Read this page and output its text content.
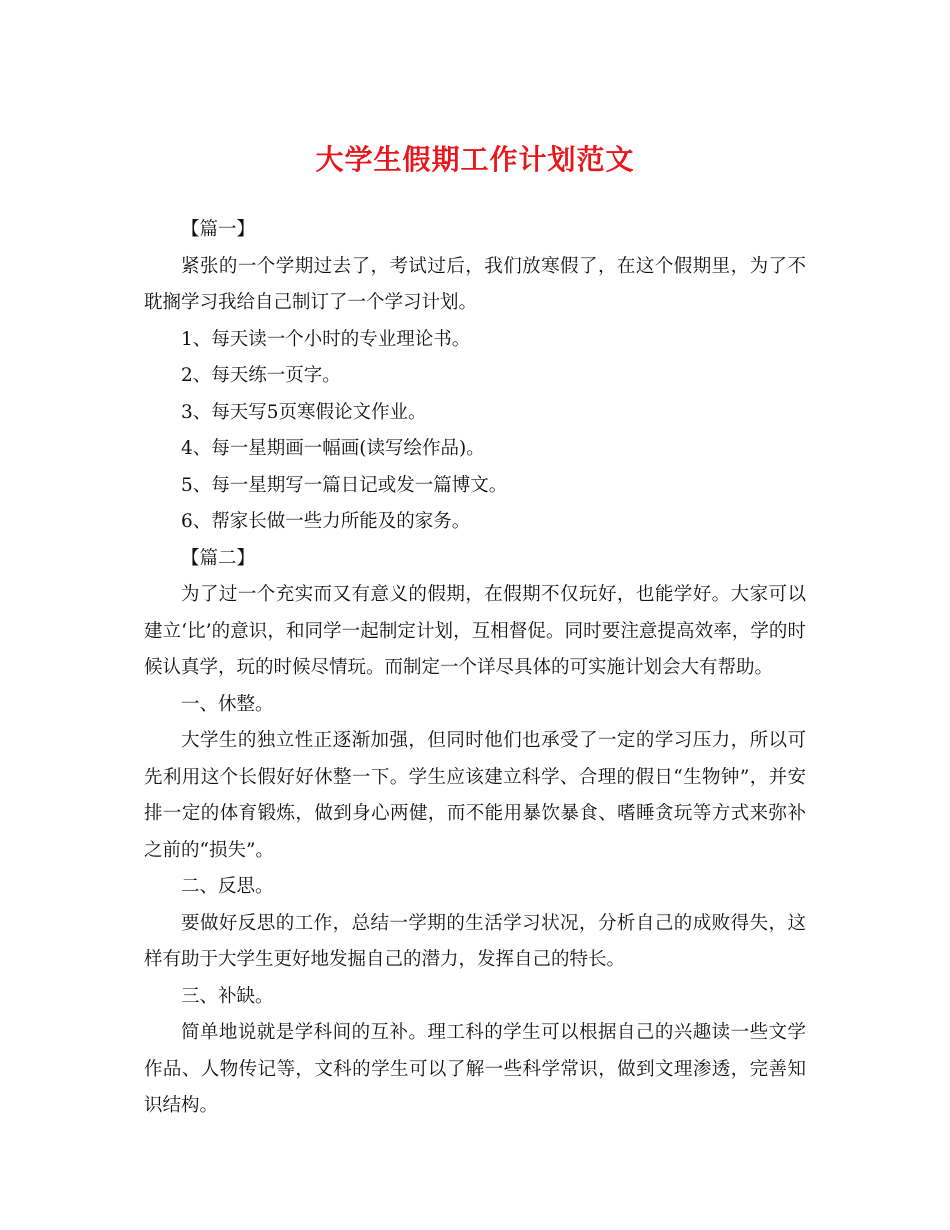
大学生假期工作计划范文

【篇一】

紧张的一个学期过去了，考试过后，我们放寒假了，在这个假期里，为了不耽搁学习我给自己制订了一个学习计划。

1、每天读一个小时的专业理论书。

2、每天练一页字。

3、每天写5页寒假论文作业。

4、每一星期画一幅画(读写绘作品)。

5、每一星期写一篇日记或发一篇博文。

6、帮家长做一些力所能及的家务。

【篇二】

为了过一个充实而又有意义的假期，在假期不仅玩好，也能学好。大家可以建立‘比’的意识，和同学一起制定计划，互相督促。同时要注意提高效率，学的时候认真学，玩的时候尽情玩。而制定一个详尽具体的可实施计划会大有帮助。

一、休整。

大学生的独立性正逐渐加强，但同时他们也承受了一定的学习压力，所以可先利用这个长假好好休整一下。学生应该建立科学、合理的假日“生物钟”，并安排一定的体育锻炼，做到身心两健，而不能用暴饮暴食、嗜睡贪玩等方式来弥补之前的“损失”。

二、反思。

要做好反思的工作，总结一学期的生活学习状况，分析自己的成败得失，这样有助于大学生更好地发掘自己的潜力，发挥自己的特长。

三、补缺。

简单地说就是学科间的互补。理工科的学生可以根据自己的兴趣读一些文学作品、人物传记等，文科的学生可以了解一些科学常识，做到文理渗透，完善知识结构。
